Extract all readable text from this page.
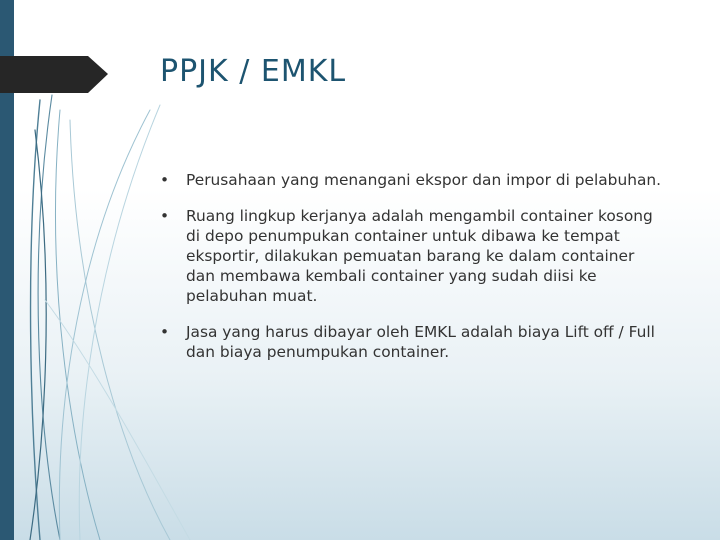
PPJK / EMKL
• Perusahaan yang menangani ekspor dan impor di pelabuhan.
• Ruang lingkup kerjanya adalah mengambil container kosong di depo penumpukan container untuk dibawa ke tempat eksportir, dilakukan pemuatan barang ke dalam container dan membawa kembali container yang sudah diisi ke pelabuhan muat.
• Jasa yang harus dibayar oleh EMKL adalah biaya Lift off / Full dan biaya penumpukan container.
